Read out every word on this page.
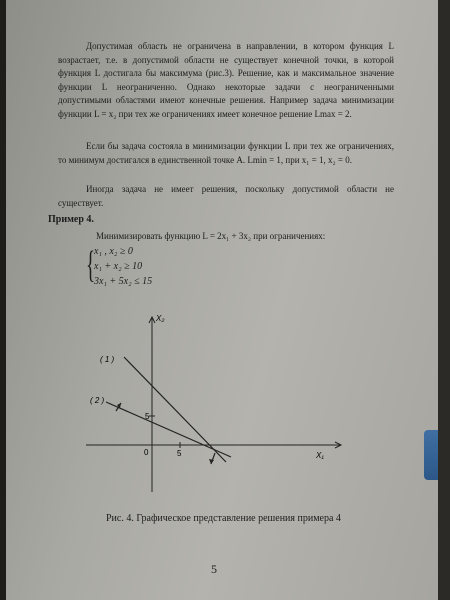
Допустимая область не ограничена в направлении, в котором функция L возрастает, т.е. в допустимой области не существует конечной точки, в которой функция L достигала бы максимума (рис.3). Решение, как и максимальное значение функции L неограниченно. Однако некоторые задачи с неограниченными допустимыми областями имеют конечные решения. Например задача минимизации функции L = x₂ при тех же ограничениях имеет конечное решение Lmax = 2.

Если бы задача состояла в минимизации функции L при тех же ограничениях, то минимум достигался в единственной точке А. Lmin = 1, при x₁ = 1, x₂ = 0.

Иногда задача не имеет решения, поскольку допустимой области не существует.

Пример 4.
Минимизировать функцию L = 2x₁ + 3x₂ при ограничениях:
{
x₁ , x₂ ≥ 0
x₁ + x₂ ≥ 10
3x₁ + 5x₂ ≤ 15
X₂
X₁
0	5
5
( 1 )
( 2 )
Рис. 4. Графическое представление решения примера 4
5
